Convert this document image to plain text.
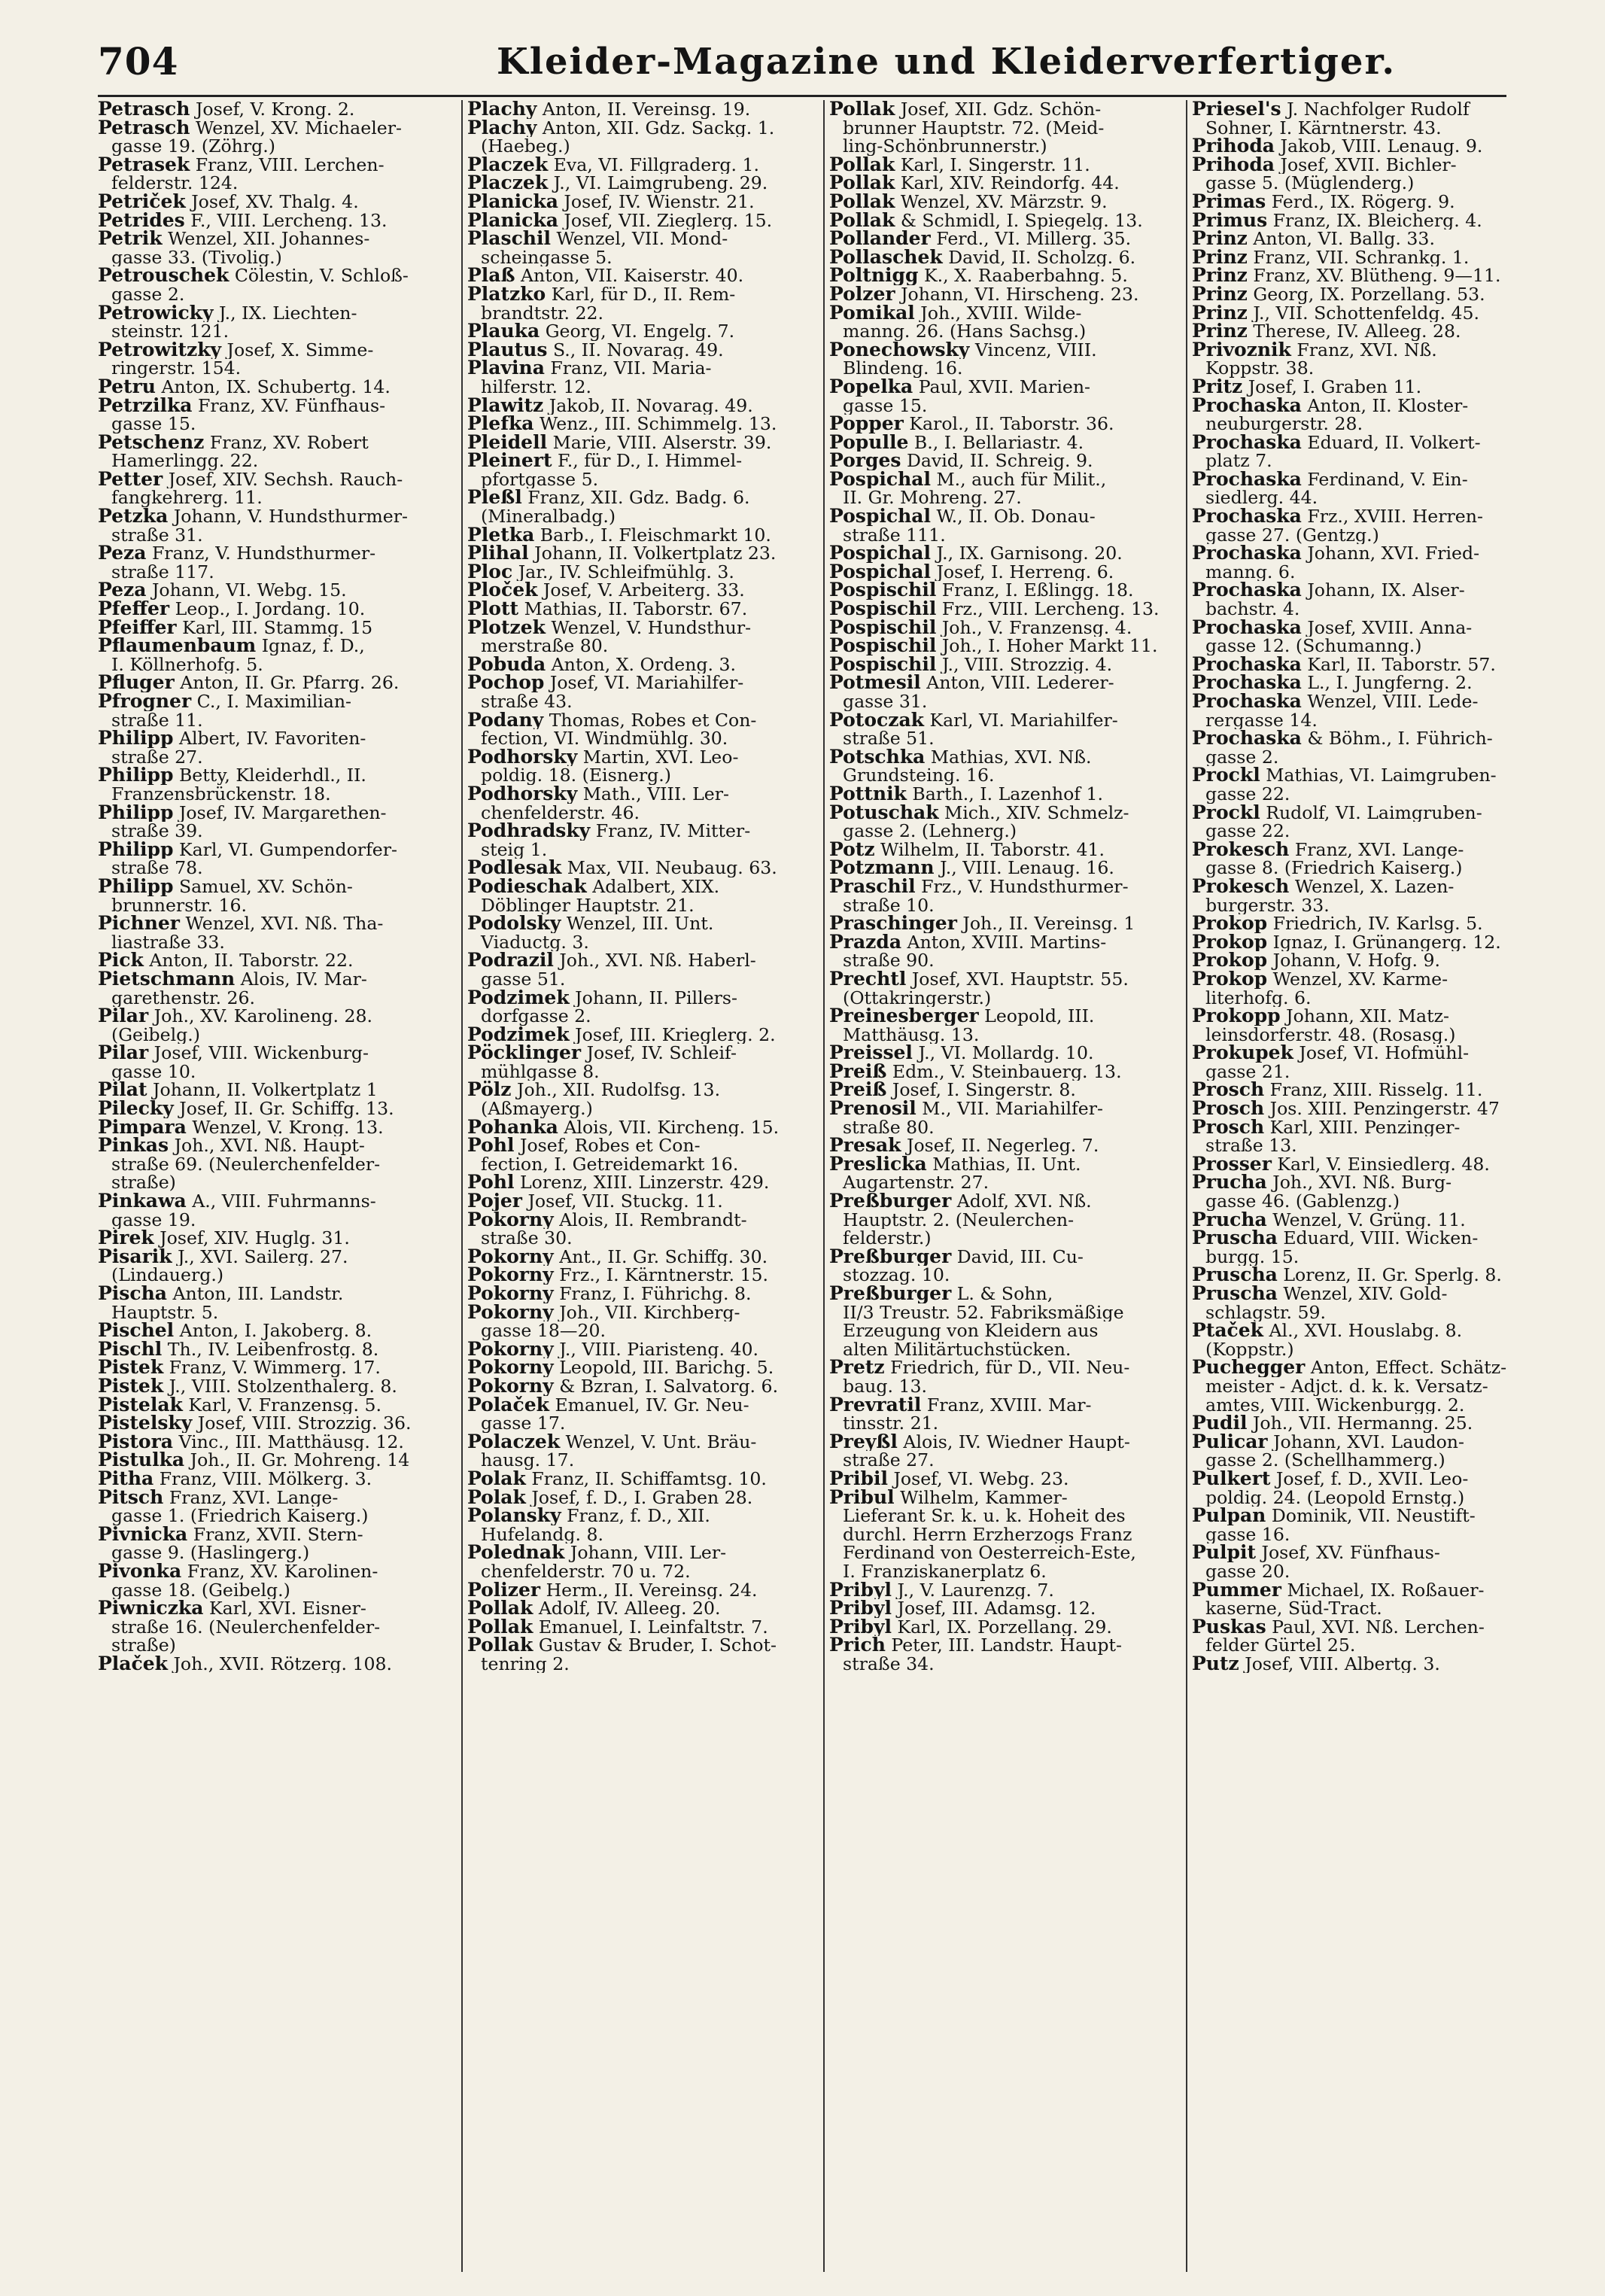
704	Kleider-Magazine und Kleiderverfertiger.
Petrasch Josef, V. Krong. 2.
Petrasch Wenzel, XV. Michaeler-
gasse 19. (Zöhrg.)
Petrasek Franz, VIII. Lerchen-
felderstr. 124.
Petriček Josef, XV. Thalg. 4.
Petrides F., VIII. Lercheng. 13.
Petrik Wenzel, XII. Johannes-
gasse 33. (Tivolig.)
Petrouschek Cölestin, V. Schloß-
gasse 2.
Petrowicky J., IX. Liechten-
steinstr. 121.
Petrowitzky Josef, X. Simme-
ringerstr. 154.
Petru Anton, IX. Schubertg. 14.
Petrzilka Franz, XV. Fünfhaus-
gasse 15.
Petschenz Franz, XV. Robert
Hamerlingg. 22.
Petter Josef, XIV. Sechsh. Rauch-
fangkehrerg. 11.
Petzka Johann, V. Hundsthurmer-
straße 31.
Peza Franz, V. Hundsthurmer-
straße 117.
Peza Johann, VI. Webg. 15.
Pfeffer Leop., I. Jordang. 10.
Pfeiffer Karl, III. Stammg. 15
Pflaumenbaum Ignaz, f. D.,
I. Köllnerhofg. 5.
Pfluger Anton, II. Gr. Pfarrg. 26.
Pfrogner C., I. Maximilian-
straße 11.
Philipp Albert, IV. Favoriten-
straße 27.
Philipp Betty, Kleiderhdl., II.
Franzensbrückenstr. 18.
Philipp Josef, IV. Margarethen-
straße 39.
Philipp Karl, VI. Gumpendorfer-
straße 78.
Philipp Samuel, XV. Schön-
brunnerstr. 16.
Pichner Wenzel, XVI. Nß. Tha-
liastraße 33.
Pick Anton, II. Taborstr. 22.
Pietschmann Alois, IV. Mar-
garethenstr. 26.
Pilar Joh., XV. Karolineng. 28.
(Geibelg.)
Pilar Josef, VIII. Wickenburg-
gasse 10.
Pilat Johann, II. Volkertplatz 1
Pilecky Josef, II. Gr. Schiffg. 13.
Pimpara Wenzel, V. Krong. 13.
Pinkas Joh., XVI. Nß. Haupt-
straße 69. (Neulerchenfelder-
straße)
Pinkawa A., VIII. Fuhrmanns-
gasse 19.
Pirek Josef, XIV. Huglg. 31.
Pisarik J., XVI. Sailerg. 27.
(Lindauerg.)
Pischa Anton, III. Landstr.
Hauptstr. 5.
Pischel Anton, I. Jakoberg. 8.
Pischl Th., IV. Leibenfrostg. 8.
Pistek Franz, V. Wimmerg. 17.
Pistek J., VIII. Stolzenthalerg. 8.
Pistelak Karl, V. Franzensg. 5.
Pistelsky Josef, VIII. Strozzig. 36.
Pistora Vinc., III. Matthäusg. 12.
Pistulka Joh., II. Gr. Mohreng. 14
Pitha Franz, VIII. Mölkerg. 3.
Pitsch Franz, XVI. Lange-
gasse 1. (Friedrich Kaiserg.)
Pivnicka Franz, XVII. Stern-
gasse 9. (Haslingerg.)
Pivonka Franz, XV. Karolinen-
gasse 18. (Geibelg.)
Piwniczka Karl, XVI. Eisner-
straße 16. (Neulerchenfelder-
straße)
Plaček Joh., XVII. Rötzerg. 108.
Plachy Anton, II. Vereinsg. 19.
Plachy Anton, XII. Gdz. Sackg. 1.
(Haebeg.)
Placzek Eva, VI. Fillgraderg. 1.
Placzek J., VI. Laimgrubeng. 29.
Planicka Josef, IV. Wienstr. 21.
Planicka Josef, VII. Zieglerg. 15.
Plaschil Wenzel, VII. Mond-
scheingasse 5.
Plaß Anton, VII. Kaiserstr. 40.
Platzko Karl, für D., II. Rem-
brandtstr. 22.
Plauka Georg, VI. Engelg. 7.
Plautus S., II. Novarag. 49.
Plavina Franz, VII. Maria-
hilferstr. 12.
Plawitz Jakob, II. Novarag. 49.
Plefka Wenz., III. Schimmelg. 13.
Pleidell Marie, VIII. Alserstr. 39.
Pleinert F., für D., I. Himmel-
pfortgasse 5.
Pleßl Franz, XII. Gdz. Badg. 6.
(Mineralbadg.)
Pletka Barb., I. Fleischmarkt 10.
Plihal Johann, II. Volkertplatz 23.
Ploc Jar., IV. Schleifmühlg. 3.
Ploček Josef, V. Arbeiterg. 33.
Plott Mathias, II. Taborstr. 67.
Plotzek Wenzel, V. Hundsthur-
merstraße 80.
Pobuda Anton, X. Ordeng. 3.
Pochop Josef, VI. Mariahilfer-
straße 43.
Podany Thomas, Robes et Con-
fection, VI. Windmühlg. 30.
Podhorsky Martin, XVI. Leo-
poldig. 18. (Eisnerg.)
Podhorsky Math., VIII. Ler-
chenfelderstr. 46.
Podhradsky Franz, IV. Mitter-
steig 1.
Podlesak Max, VII. Neubaug. 63.
Podieschak Adalbert, XIX.
Döblinger Hauptstr. 21.
Podolsky Wenzel, III. Unt.
Viaductg. 3.
Podrazil Joh., XVI. Nß. Haberl-
gasse 51.
Podzimek Johann, II. Pillers-
dorfgasse 2.
Podzimek Josef, III. Krieglerg. 2.
Pöcklinger Josef, IV. Schleif-
mühlgasse 8.
Pölz Joh., XII. Rudolfsg. 13.
(Aßmayerg.)
Pohanka Alois, VII. Kircheng. 15.
Pohl Josef, Robes et Con-
fection, I. Getreidemarkt 16.
Pohl Lorenz, XIII. Linzerstr. 429.
Pojer Josef, VII. Stuckg. 11.
Pokorny Alois, II. Rembrandt-
straße 30.
Pokorny Ant., II. Gr. Schiffg. 30.
Pokorny Frz., I. Kärntnerstr. 15.
Pokorny Franz, I. Führichg. 8.
Pokorny Joh., VII. Kirchberg-
gasse 18—20.
Pokorny J., VIII. Piaristeng. 40.
Pokorny Leopold, III. Barichg. 5.
Pokorny & Bzran, I. Salvatorg. 6.
Polaček Emanuel, IV. Gr. Neu-
gasse 17.
Polaczek Wenzel, V. Unt. Bräu-
hausg. 17.
Polak Franz, II. Schiffamtsg. 10.
Polak Josef, f. D., I. Graben 28.
Polansky Franz, f. D., XII.
Hufelandg. 8.
Polednak Johann, VIII. Ler-
chenfelderstr. 70 u. 72.
Polizer Herm., II. Vereinsg. 24.
Pollak Adolf, IV. Alleeg. 20.
Pollak Emanuel, I. Leinfaltstr. 7.
Pollak Gustav & Bruder, I. Schot-
tenring 2.
Pollak Josef, XII. Gdz. Schön-
brunner Hauptstr. 72. (Meid-
ling-Schönbrunnerstr.)
Pollak Karl, I. Singerstr. 11.
Pollak Karl, XIV. Reindorfg. 44.
Pollak Wenzel, XV. Märzstr. 9.
Pollak & Schmidl, I. Spiegelg. 13.
Pollander Ferd., VI. Millerg. 35.
Pollaschek David, II. Scholzg. 6.
Poltnigg K., X. Raaberbahng. 5.
Polzer Johann, VI. Hirscheng. 23.
Pomikal Joh., XVIII. Wilde-
manng. 26. (Hans Sachsg.)
Ponechowsky Vincenz, VIII.
Blindeng. 16.
Popelka Paul, XVII. Marien-
gasse 15.
Popper Karol., II. Taborstr. 36.
Populle B., I. Bellariastr. 4.
Porges David, II. Schreig. 9.
Pospichal M., auch für Milit.,
II. Gr. Mohreng. 27.
Pospichal W., II. Ob. Donau-
straße 111.
Pospichal J., IX. Garnisong. 20.
Pospichal Josef, I. Herreng. 6.
Pospischil Franz, I. Eßlingg. 18.
Pospischil Frz., VIII. Lercheng. 13.
Pospischil Joh., V. Franzensg. 4.
Pospischil Joh., I. Hoher Markt 11.
Pospischil J., VIII. Strozzig. 4.
Potmesil Anton, VIII. Lederer-
gasse 31.
Potoczak Karl, VI. Mariahilfer-
straße 51.
Potschka Mathias, XVI. Nß.
Grundsteing. 16.
Pottnik Barth., I. Lazenhof 1.
Potuschak Mich., XIV. Schmelz-
gasse 2. (Lehnerg.)
Potz Wilhelm, II. Taborstr. 41.
Potzmann J., VIII. Lenaug. 16.
Praschil Frz., V. Hundsthurmer-
straße 10.
Praschinger Joh., II. Vereinsg. 1
Prazda Anton, XVIII. Martins-
straße 90.
Prechtl Josef, XVI. Hauptstr. 55.
(Ottakringerstr.)
Preinesberger Leopold, III.
Matthäusg. 13.
Preissel J., VI. Mollardg. 10.
Preiß Edm., V. Steinbauerg. 13.
Preiß Josef, I. Singerstr. 8.
Prenosil M., VII. Mariahilfer-
straße 80.
Presak Josef, II. Negerleg. 7.
Preslicka Mathias, II. Unt.
Augartenstr. 27.
Preßburger Adolf, XVI. Nß.
Hauptstr. 2. (Neulerchen-
felderstr.)
Preßburger David, III. Cu-
stozzag. 10.
Preßburger L. & Sohn,
II/3 Treustr. 52. Fabriksmäßige
Erzeugung von Kleidern aus
alten Militärtuchstücken.
Pretz Friedrich, für D., VII. Neu-
baug. 13.
Prevratil Franz, XVIII. Mar-
tinsstr. 21.
Preyßl Alois, IV. Wiedner Haupt-
straße 27.
Pribil Josef, VI. Webg. 23.
Pribul Wilhelm, Kammer-
Lieferant Sr. k. u. k. Hoheit des
durchl. Herrn Erzherzogs Franz
Ferdinand von Oesterreich-Este,
I. Franziskanerplatz 6.
Pribyl J., V. Laurenzg. 7.
Pribyl Josef, III. Adamsg. 12.
Pribyl Karl, IX. Porzellang. 29.
Prich Peter, III. Landstr. Haupt-
straße 34.
Priesel's J. Nachfolger Rudolf
Sohner, I. Kärntnerstr. 43.
Prihoda Jakob, VIII. Lenaug. 9.
Prihoda Josef, XVII. Bichler-
gasse 5. (Müglenderg.)
Primas Ferd., IX. Rögerg. 9.
Primus Franz, IX. Bleicherg. 4.
Prinz Anton, VI. Ballg. 33.
Prinz Franz, VII. Schrankg. 1.
Prinz Franz, XV. Blütheng. 9—11.
Prinz Georg, IX. Porzellang. 53.
Prinz J., VII. Schottenfeldg. 45.
Prinz Therese, IV. Alleeg. 28.
Privoznik Franz, XVI. Nß.
Koppstr. 38.
Pritz Josef, I. Graben 11.
Prochaska Anton, II. Kloster-
neuburgerstr. 28.
Prochaska Eduard, II. Volkert-
platz 7.
Prochaska Ferdinand, V. Ein-
siedlerg. 44.
Prochaska Frz., XVIII. Herren-
gasse 27. (Gentzg.)
Prochaska Johann, XVI. Fried-
manng. 6.
Prochaska Johann, IX. Alser-
bachstr. 4.
Prochaska Josef, XVIII. Anna-
gasse 12. (Schumanng.)
Prochaska Karl, II. Taborstr. 57.
Prochaska L., I. Jungferng. 2.
Prochaska Wenzel, VIII. Lede-
rergasse 14.
Prochaska & Böhm., I. Führich-
gasse 2.
Prockl Mathias, VI. Laimgruben-
gasse 22.
Prockl Rudolf, VI. Laimgruben-
gasse 22.
Prokesch Franz, XVI. Lange-
gasse 8. (Friedrich Kaiserg.)
Prokesch Wenzel, X. Lazen-
burgerstr. 33.
Prokop Friedrich, IV. Karlsg. 5.
Prokop Ignaz, I. Grünangerg. 12.
Prokop Johann, V. Hofg. 9.
Prokop Wenzel, XV. Karme-
literhofg. 6.
Prokopp Johann, XII. Matz-
leinsdorferstr. 48. (Rosasg.)
Prokupek Josef, VI. Hofmühl-
gasse 21.
Prosch Franz, XIII. Risselg. 11.
Prosch Jos. XIII. Penzingerstr. 47
Prosch Karl, XIII. Penzinger-
straße 13.
Prosser Karl, V. Einsiedlerg. 48.
Prucha Joh., XVI. Nß. Burg-
gasse 46. (Gablenzg.)
Prucha Wenzel, V. Grüng. 11.
Pruscha Eduard, VIII. Wicken-
burgg. 15.
Pruscha Lorenz, II. Gr. Sperlg. 8.
Pruscha Wenzel, XIV. Gold-
schlagstr. 59.
Ptaček Al., XVI. Houslabg. 8.
(Koppstr.)
Puchegger Anton, Effect. Schätz-
meister - Adjct. d. k. k. Versatz-
amtes, VIII. Wickenburgg. 2.
Pudil Joh., VII. Hermanng. 25.
Pulicar Johann, XVI. Laudon-
gasse 2. (Schellhammerg.)
Pulkert Josef, f. D., XVII. Leo-
poldig. 24. (Leopold Ernstg.)
Pulpan Dominik, VII. Neustift-
gasse 16.
Pulpit Josef, XV. Fünfhaus-
gasse 20.
Pummer Michael, IX. Roßauer-
kaserne, Süd-Tract.
Puskas Paul, XVI. Nß. Lerchen-
felder Gürtel 25.
Putz Josef, VIII. Albertg. 3.
